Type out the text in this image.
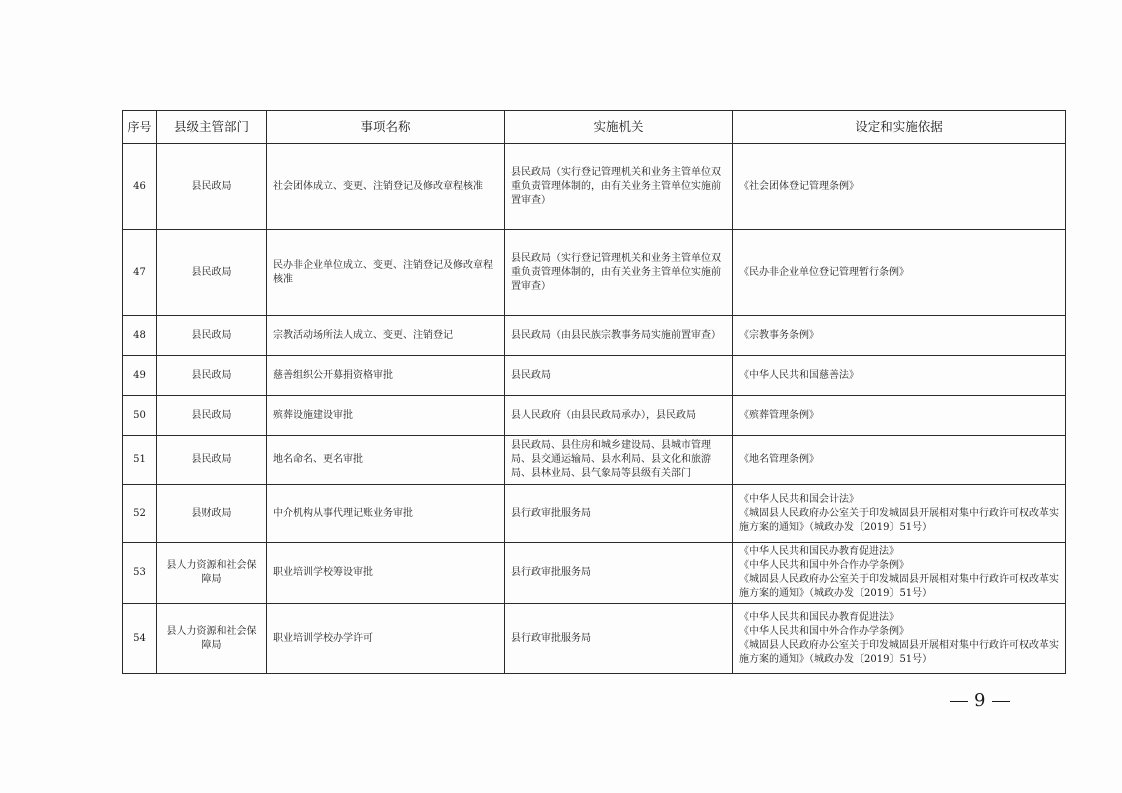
序号	县级主管部门	事项名称	实施机关	设定和实施依据
46	县民政局	社会团体成立、变更、注销登记及修改章程核准	县民政局（实行登记管理机关和业务主管单位双重负责管理体制的，由有关业务主管单位实施前置审查）	《社会团体登记管理条例》

47	县民政局	民办非企业单位成立、变更、注销登记及修改章程核准	县民政局（实行登记管理机关和业务主管单位双重负责管理体制的，由有关业务主管单位实施前置审查）	《民办非企业单位登记管理暂行条例》

48	县民政局	宗教活动场所法人成立、变更、注销登记	县民政局（由县民族宗教事务局实施前置审查）	《宗教事务条例》

49	县民政局	慈善组织公开募捐资格审批	县民政局	《中华人民共和国慈善法》

50	县民政局	殡葬设施建设审批	县人民政府（由县民政局承办），县民政局	《殡葬管理条例》

51	县民政局	地名命名、更名审批	县民政局、县住房和城乡建设局、县城市管理局、县交通运输局、县水利局、县文化和旅游局、县林业局、县气象局等县级有关部门	《地名管理条例》

52	县财政局	中介机构从事代理记账业务审批	县行政审批服务局	《中华人民共和国会计法》
《城固县人民政府办公室关于印发城固县开展相对集中行政许可权改革实施方案的通知》（城政办发〔2019〕51号）

53	县人力资源和社会保障局	职业培训学校筹设审批	县行政审批服务局	《中华人民共和国民办教育促进法》
《中华人民共和国中外合作办学条例》
《城固县人民政府办公室关于印发城固县开展相对集中行政许可权改革实施方案的通知》（城政办发〔2019〕51号）

54	县人力资源和社会保障局	职业培训学校办学许可	县行政审批服务局	《中华人民共和国民办教育促进法》
《中华人民共和国中外合作办学条例》
《城固县人民政府办公室关于印发城固县开展相对集中行政许可权改革实施方案的通知》（城政办发〔2019〕51号）
9
